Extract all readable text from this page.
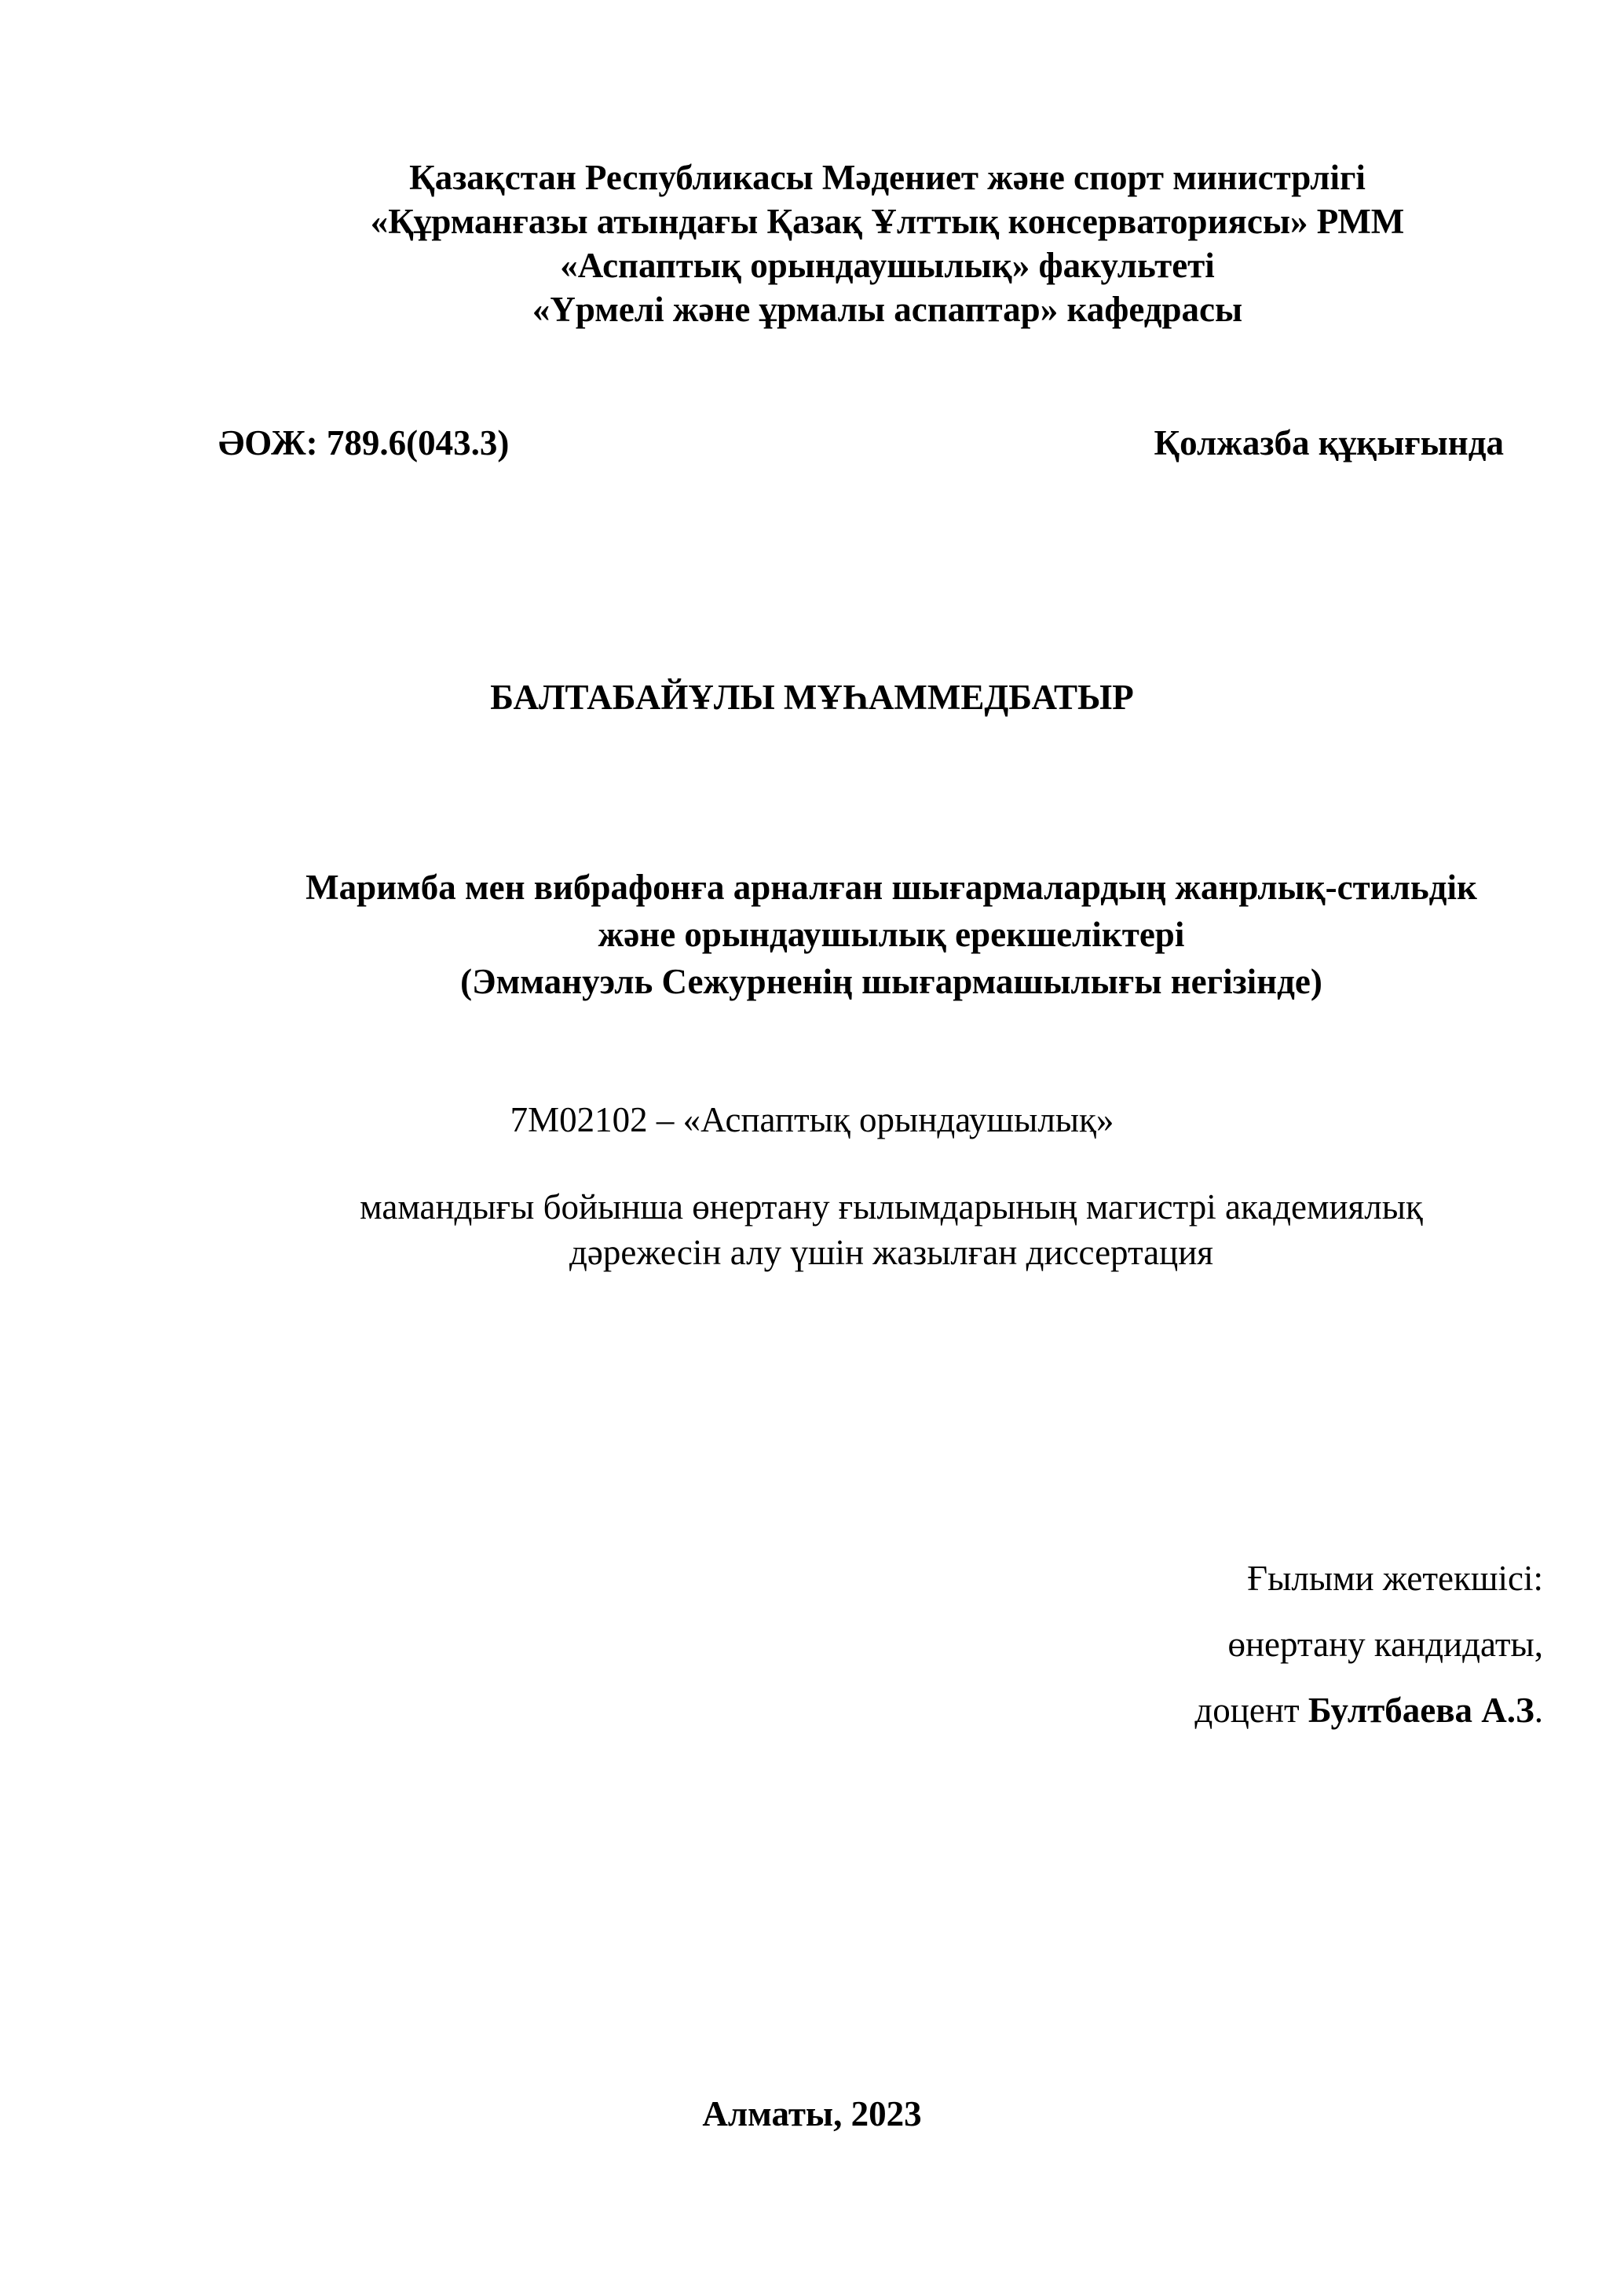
Қазақстан Республикасы Мәдениет және спорт министрлігі
«Құрманғазы атындағы Қазақ Ұлттық консерваториясы» РММ
«Аспаптық орындаушылық» факультеті
«Үрмелі және ұрмалы аспаптар» кафедрасы
ӘОЖ: 789.6(043.3)	Қолжазба құқығында
БАЛТАБАЙҰЛЫ МҰҺАММЕДБАТЫР
Маримба мен вибрафонға арналған шығармалардың жанрлық-стильдік
және орындаушылық ерекшеліктері
(Эммануэль Сежурненің шығармашылығы негізінде)
7М02102 – «Аспаптық орындаушылық»
мамандығы бойынша өнертану ғылымдарының магистрі академиялық
дәрежесін алу үшін жазылған диссертация
Ғылыми жетекшісі:
өнертану кандидаты,
доцент Бултбаева А.З.
Алматы, 2023
